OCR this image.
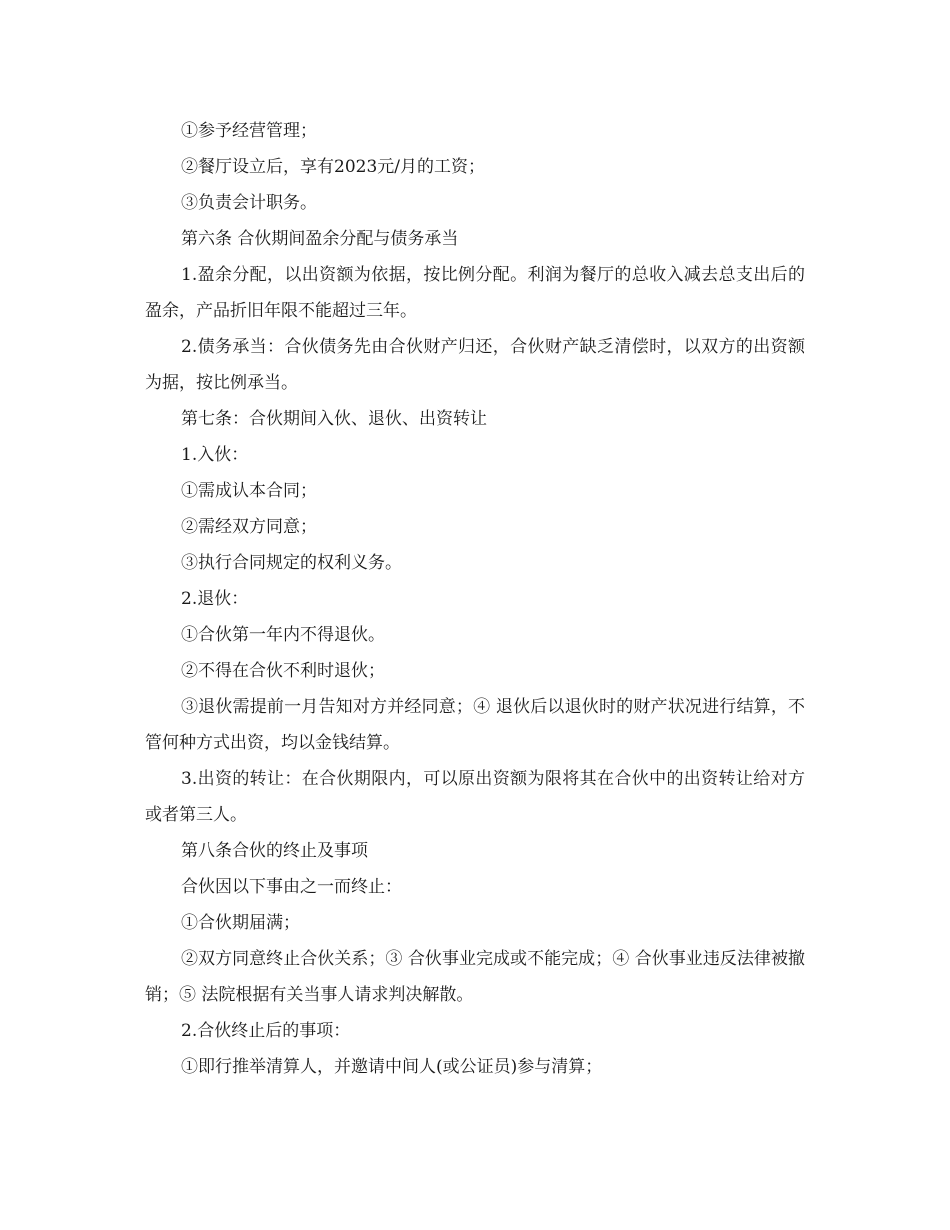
①参予经营管理；

②餐厅设立后，享有2023元/月的工资；

③负责会计职务。

第六条 合伙期间盈余分配与债务承当

1.盈余分配，以出资额为依据，按比例分配。利润为餐厅的总收入减去总支出后的盈余，产品折旧年限不能超过三年。

2.债务承当：合伙债务先由合伙财产归还，合伙财产缺乏清偿时，以双方的出资额为据，按比例承当。

第七条：合伙期间入伙、退伙、出资转让

1.入伙：

①需成认本合同；

②需经双方同意；

③执行合同规定的权利义务。

2.退伙：

①合伙第一年内不得退伙。

②不得在合伙不利时退伙；

③退伙需提前一月告知对方并经同意；④ 退伙后以退伙时的财产状况进行结算，不管何种方式出资，均以金钱结算。

3.出资的转让：在合伙期限内，可以原出资额为限将其在合伙中的出资转让给对方或者第三人。

第八条合伙的终止及事项

合伙因以下事由之一而终止：

①合伙期届满；

②双方同意终止合伙关系；③ 合伙事业完成或不能完成；④ 合伙事业违反法律被撤销；⑤ 法院根据有关当事人请求判决解散。

2.合伙终止后的事项：

①即行推举清算人，并邀请中间人(或公证员)参与清算；
